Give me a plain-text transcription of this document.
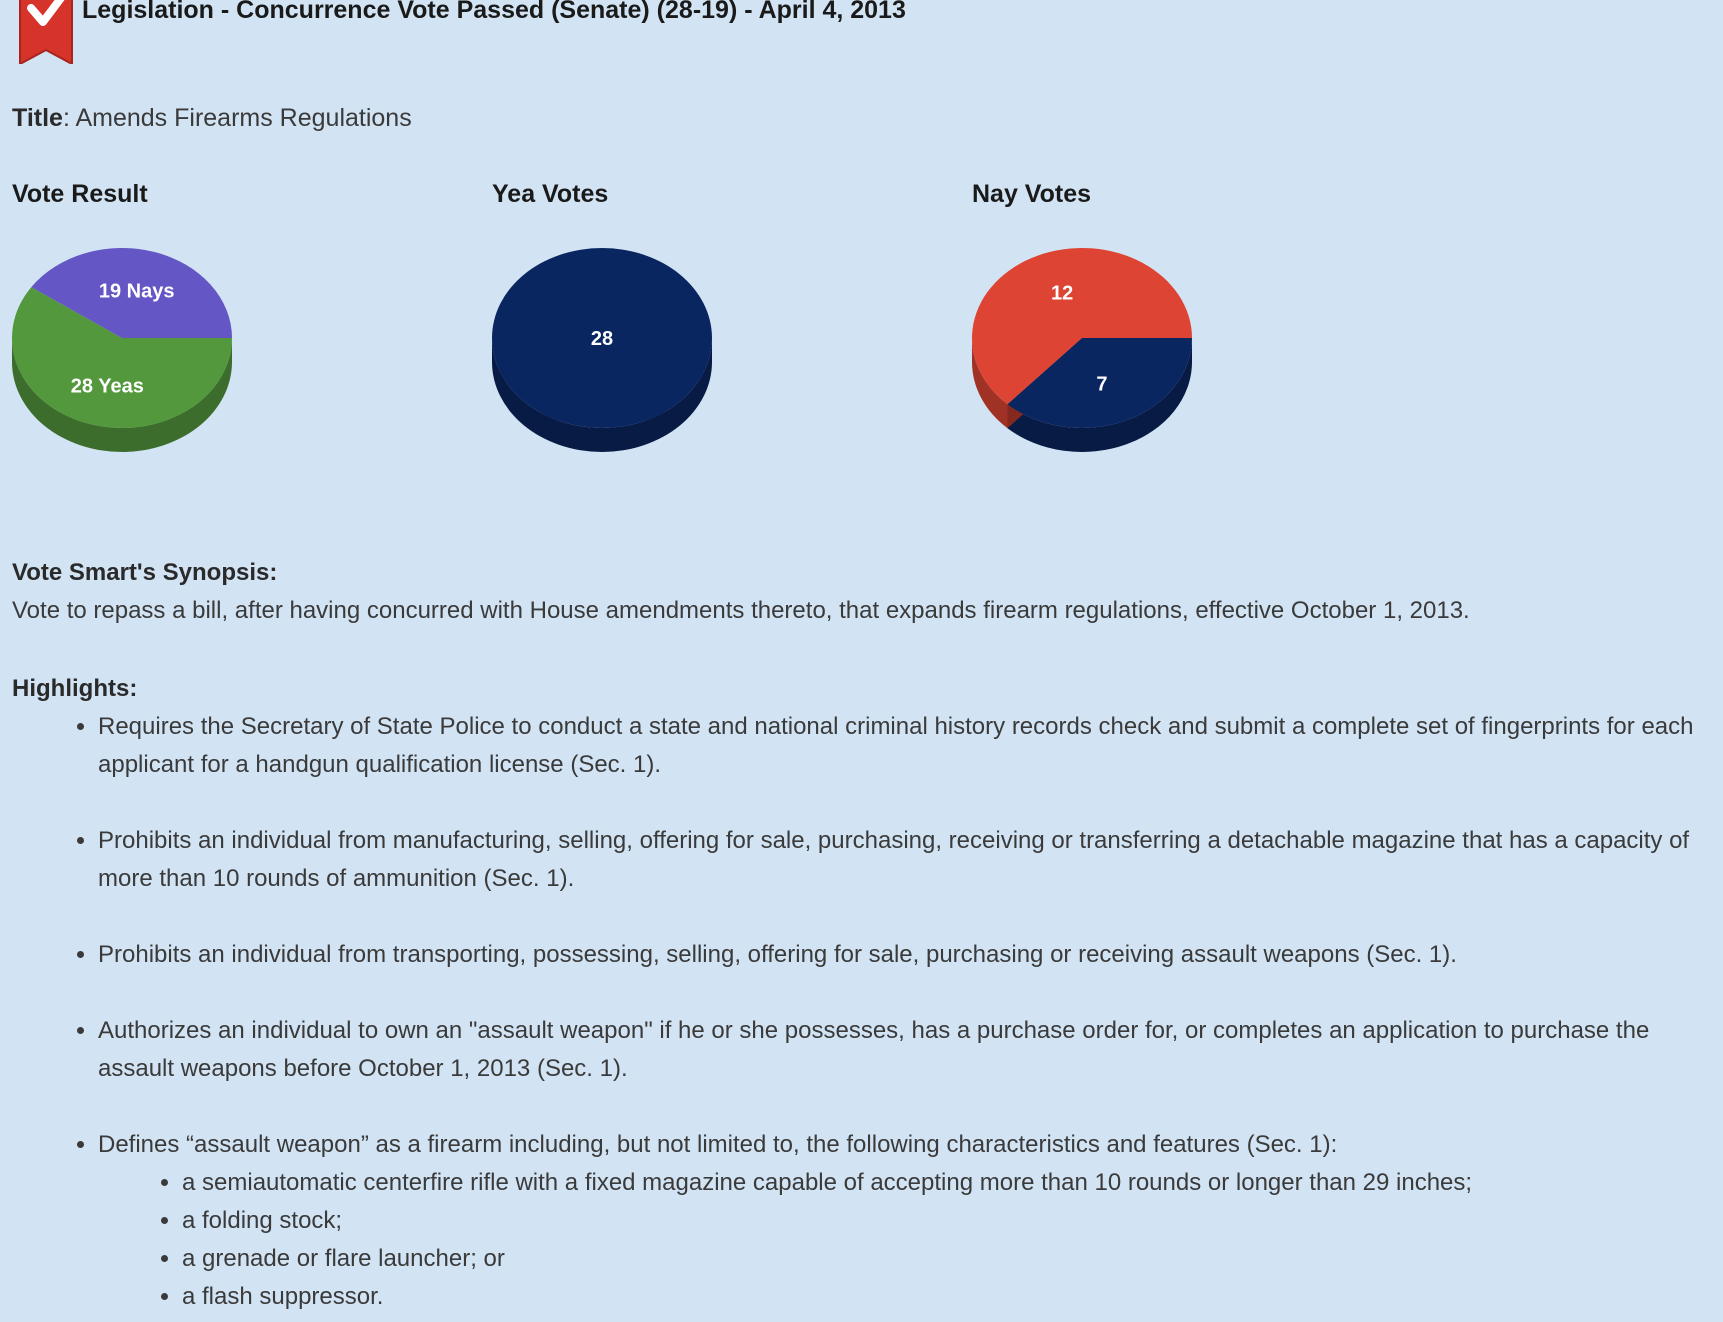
Legislation - Concurrence Vote Passed (Senate) (28-19) - April 4, 2013
Title: Amends Firearms Regulations
Vote Result
28 Yeas
19 Nays
Yea Votes
28
Nay Votes
7
12
Vote Smart's Synopsis:
Vote to repass a bill, after having concurred with House amendments thereto, that expands firearm regulations, effective October 1, 2013.
Highlights:
• Requires the Secretary of State Police to conduct a state and national criminal history records check and submit a complete set of fingerprints for each applicant for a handgun qualification license (Sec. 1).
• Prohibits an individual from manufacturing, selling, offering for sale, purchasing, receiving or transferring a detachable magazine that has a capacity of more than 10 rounds of ammunition (Sec. 1).
• Prohibits an individual from transporting, possessing, selling, offering for sale, purchasing or receiving assault weapons (Sec. 1).
• Authorizes an individual to own an "assault weapon" if he or she possesses, has a purchase order for, or completes an application to purchase the assault weapons before October 1, 2013 (Sec. 1).
• Defines “assault weapon” as a firearm including, but not limited to, the following characteristics and features (Sec. 1):
• a semiautomatic centerfire rifle with a fixed magazine capable of accepting more than 10 rounds or longer than 29 inches;
• a folding stock;
• a grenade or flare launcher; or
• a flash suppressor.
